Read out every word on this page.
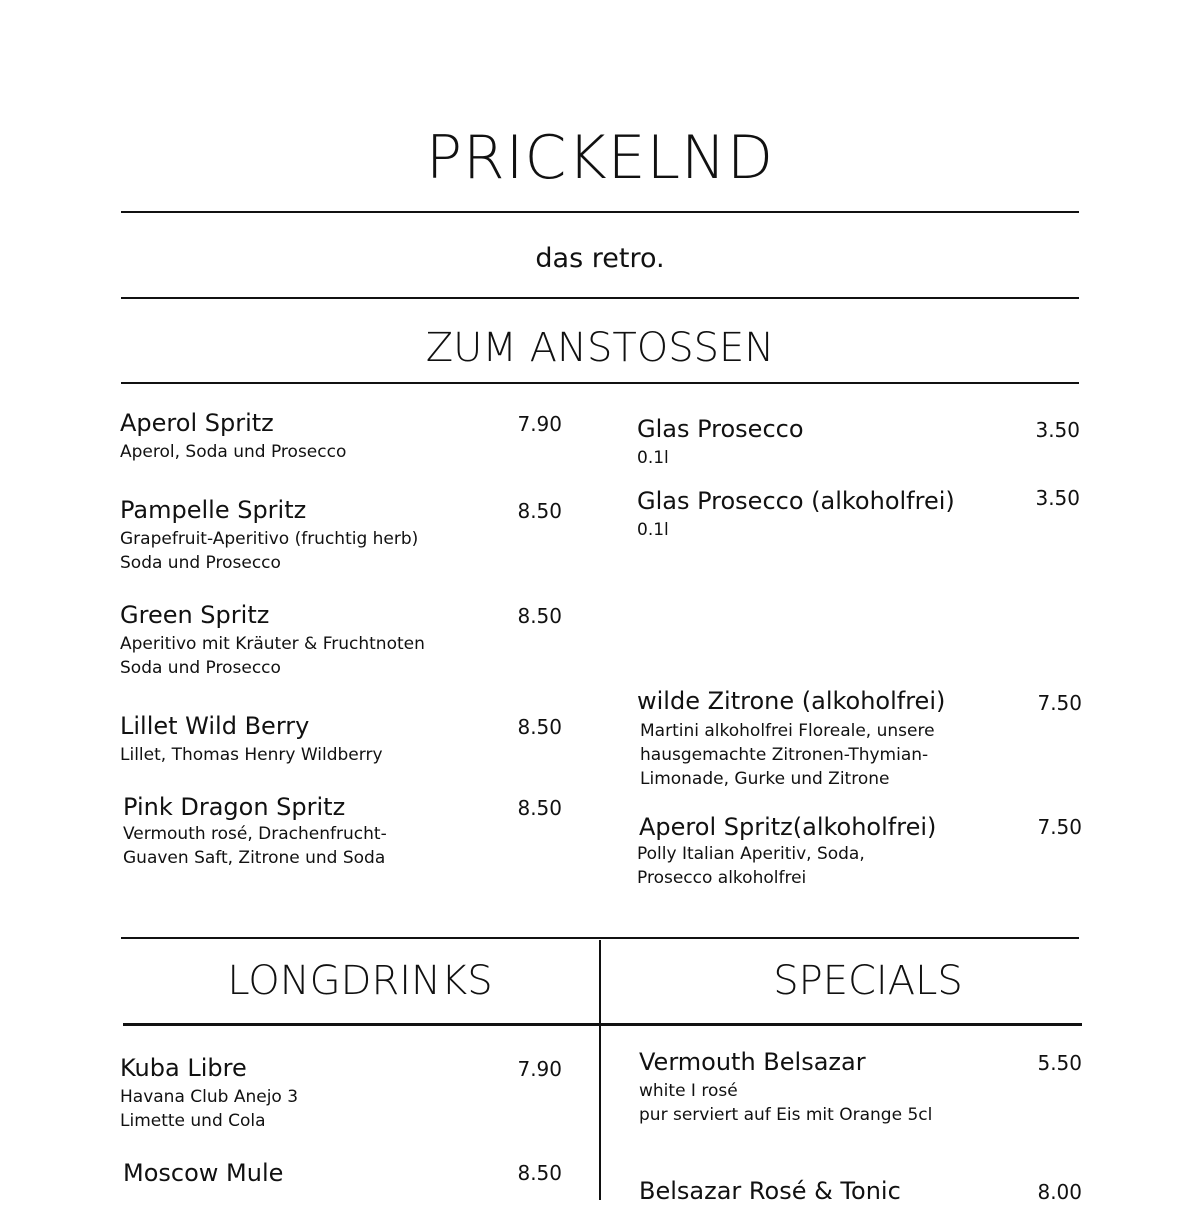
PRICKELND
das retro.
ZUM ANSTOSSEN
Aperol Spritz
Aperol, Soda und Prosecco
7.90
Pampelle Spritz
Grapefruit-Aperitivo (fruchtig herb)
Soda und Prosecco
8.50
Green Spritz
Aperitivo mit Kräuter & Fruchtnoten
Soda und Prosecco
8.50
Lillet Wild Berry
Lillet, Thomas Henry Wildberry
8.50
Pink Dragon Spritz
Vermouth rosé, Drachenfrucht-
Guaven Saft, Zitrone und Soda
8.50
Glas Prosecco
0.1l
3.50
Glas Prosecco (alkoholfrei)
0.1l
3.50
wilde Zitrone (alkoholfrei)
Martini alkoholfrei Floreale, unsere
hausgemachte Zitronen-Thymian-
Limonade, Gurke und Zitrone
7.50
Aperol Spritz(alkoholfrei)
Polly Italian Aperitiv, Soda,
Prosecco alkoholfrei
7.50
LONGDRINKS	SPECIALS
Kuba Libre
Havana Club Anejo 3
Limette und Cola
7.90
Moscow Mule	8.50
Vermouth Belsazar
white I rosé
pur serviert auf Eis mit Orange 5cl
5.50
Belsazar Rosé & Tonic	8.00
